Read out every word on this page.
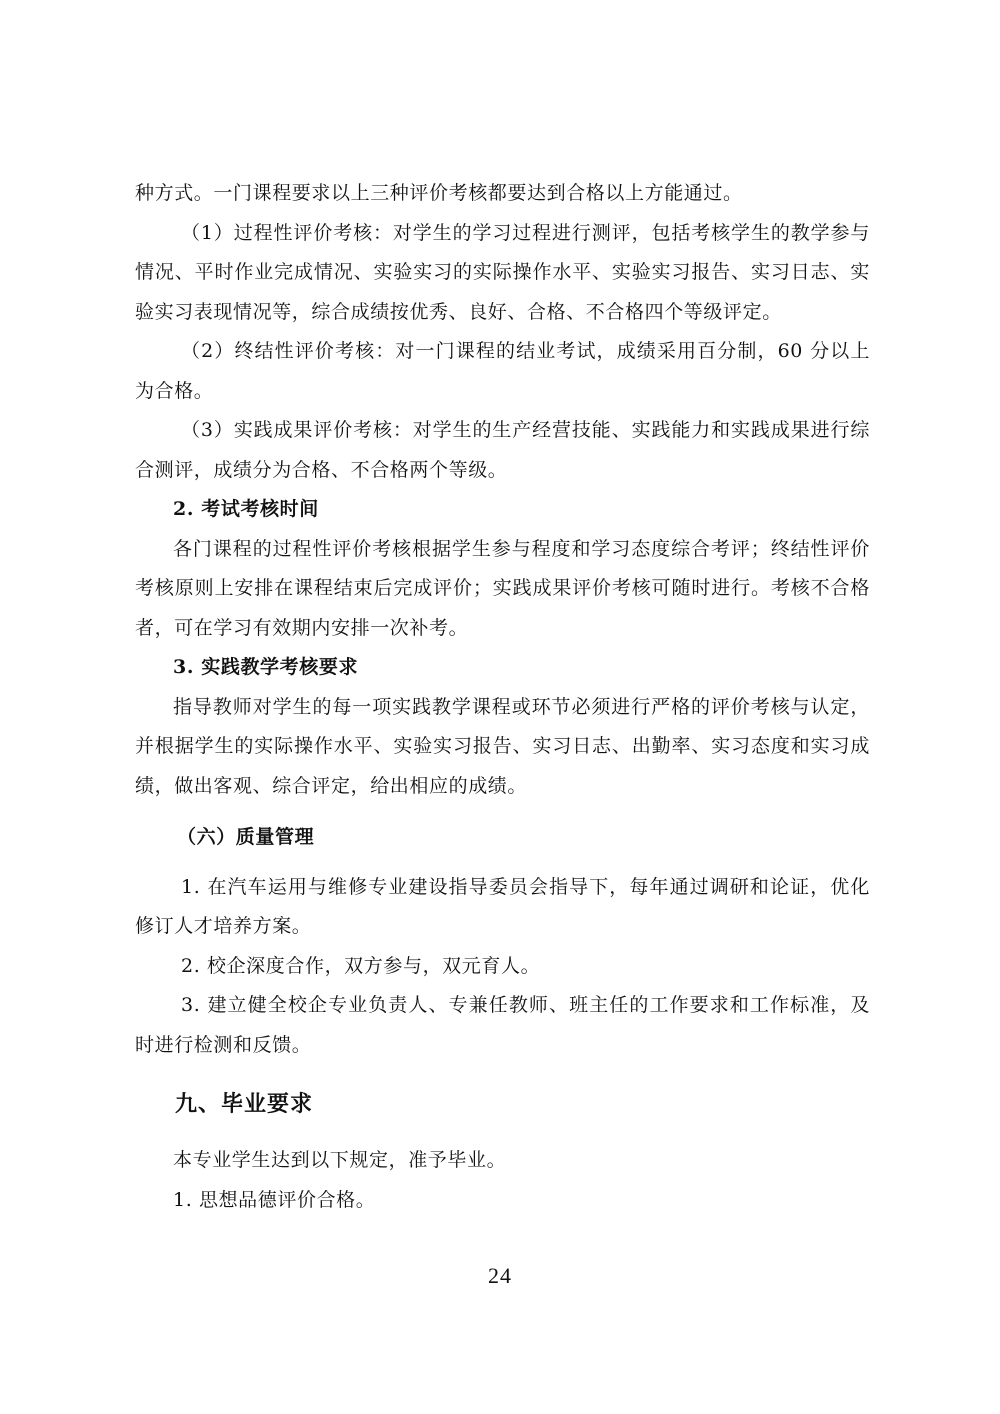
种方式。一门课程要求以上三种评价考核都要达到合格以上方能通过。

（1）过程性评价考核：对学生的学习过程进行测评，包括考核学生的教学参与情况、平时作业完成情况、实验实习的实际操作水平、实验实习报告、实习日志、实验实习表现情况等，综合成绩按优秀、良好、合格、不合格四个等级评定。

（2）终结性评价考核：对一门课程的结业考试，成绩采用百分制，60 分以上为合格。

（3）实践成果评价考核：对学生的生产经营技能、实践能力和实践成果进行综合测评，成绩分为合格、不合格两个等级。

2. 考试考核时间

各门课程的过程性评价考核根据学生参与程度和学习态度综合考评；终结性评价考核原则上安排在课程结束后完成评价；实践成果评价考核可随时进行。考核不合格者，可在学习有效期内安排一次补考。

3. 实践教学考核要求

指导教师对学生的每一项实践教学课程或环节必须进行严格的评价考核与认定，并根据学生的实际操作水平、实验实习报告、实习日志、出勤率、实习态度和实习成绩，做出客观、综合评定，给出相应的成绩。

（六）质量管理

1. 在汽车运用与维修专业建设指导委员会指导下，每年通过调研和论证，优化修订人才培养方案。

2. 校企深度合作，双方参与，双元育人。

3. 建立健全校企专业负责人、专兼任教师、班主任的工作要求和工作标准，及时进行检测和反馈。

九、毕业要求

本专业学生达到以下规定，准予毕业。

1. 思想品德评价合格。

24
